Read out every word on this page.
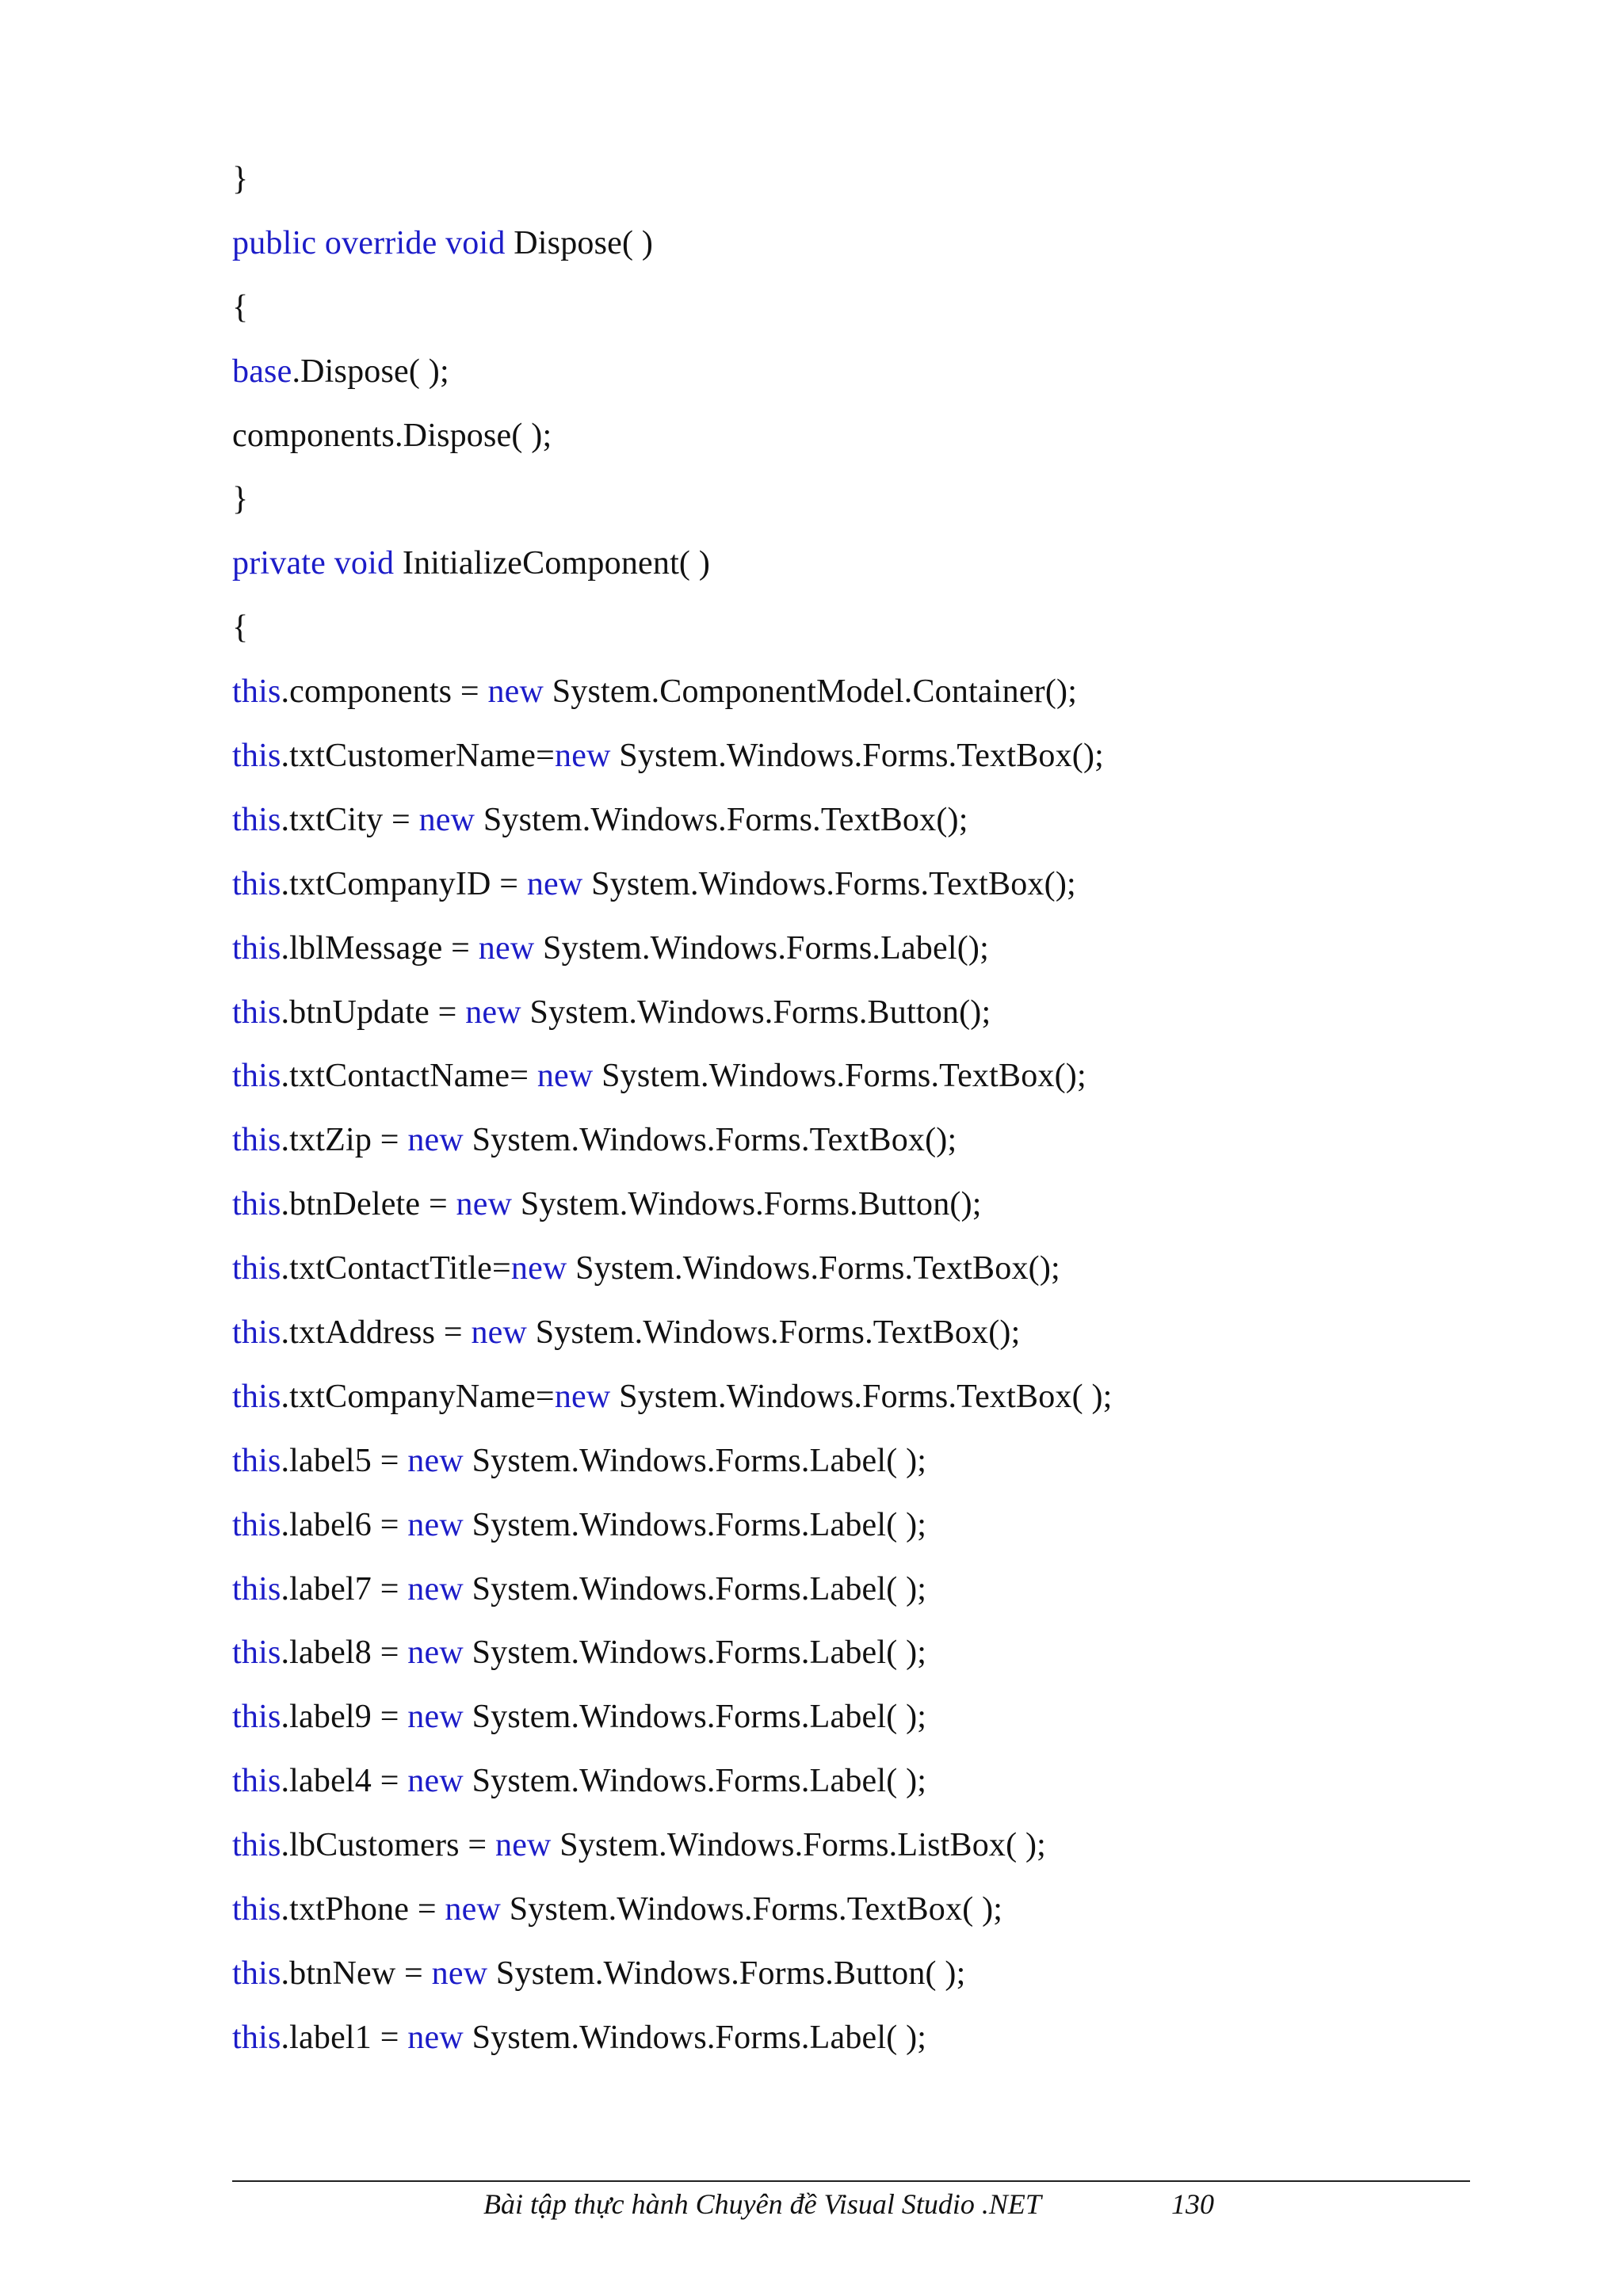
}
public override void Dispose( )
{
base.Dispose( );
components.Dispose( );
}
private void InitializeComponent( )
{
this.components = new System.ComponentModel.Container();
this.txtCustomerName=new System.Windows.Forms.TextBox();
this.txtCity = new System.Windows.Forms.TextBox();
this.txtCompanyID = new System.Windows.Forms.TextBox();
this.lblMessage = new System.Windows.Forms.Label();
this.btnUpdate = new System.Windows.Forms.Button();
this.txtContactName= new System.Windows.Forms.TextBox();
this.txtZip = new System.Windows.Forms.TextBox();
this.btnDelete = new System.Windows.Forms.Button();
this.txtContactTitle=new System.Windows.Forms.TextBox();
this.txtAddress = new System.Windows.Forms.TextBox();
this.txtCompanyName=new System.Windows.Forms.TextBox( );
this.label5 = new System.Windows.Forms.Label( );
this.label6 = new System.Windows.Forms.Label( );
this.label7 = new System.Windows.Forms.Label( );
this.label8 = new System.Windows.Forms.Label( );
this.label9 = new System.Windows.Forms.Label( );
this.label4 = new System.Windows.Forms.Label( );
this.lbCustomers = new System.Windows.Forms.ListBox( );
this.txtPhone = new System.Windows.Forms.TextBox( );
this.btnNew = new System.Windows.Forms.Button( );
this.label1 = new System.Windows.Forms.Label( );
Bài tập thực hành Chuyên đề Visual Studio .NET	130
